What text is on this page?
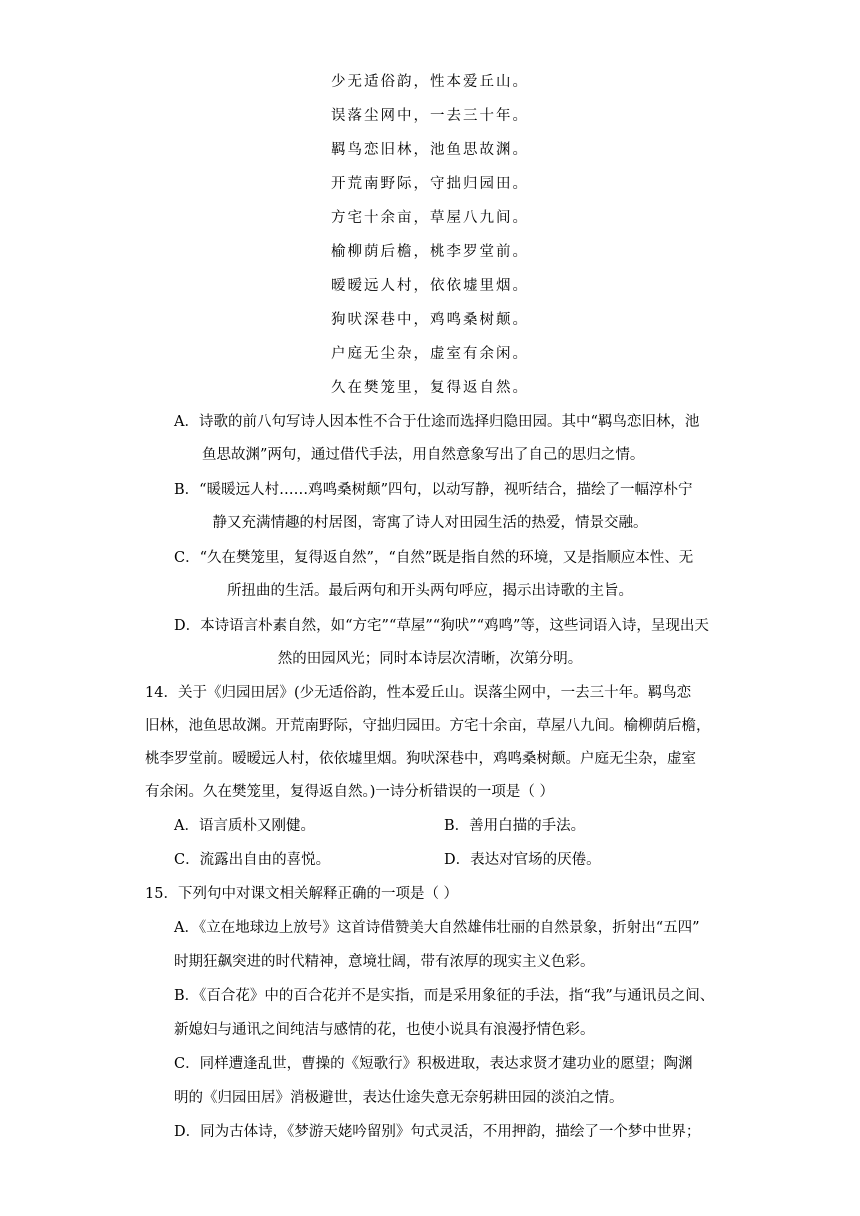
少无适俗韵，性本爱丘山。
误落尘网中，一去三十年。
羁鸟恋旧林，池鱼思故渊。
开荒南野际，守拙归园田。
方宅十余亩，草屋八九间。
榆柳荫后檐，桃李罗堂前。
暧暧远人村，依依墟里烟。
狗吠深巷中，鸡鸣桑树颠。
户庭无尘杂，虚室有余闲。
久在樊笼里，复得返自然。
A．诗歌的前八句写诗人因本性不合于仕途而选择归隐田园。其中“羁鸟恋旧林，池
鱼思故渊”两句，通过借代手法，用自然意象写出了自己的思归之情。
B．“暖暖远人村……鸡鸣桑树颠”四句，以动写静，视听结合，描绘了一幅淳朴宁
静又充满情趣的村居图，寄寓了诗人对田园生活的热爱，情景交融。
C．“久在樊笼里，复得返自然”，“自然”既是指自然的环境，又是指顺应本性、无
所扭曲的生活。最后两句和开头两句呼应，揭示出诗歌的主旨。
D．本诗语言朴素自然，如“方宅”“草屋”“狗吠”“鸡鸣”等，这些词语入诗，呈现出天
然的田园风光；同时本诗层次清晰，次第分明。
14．关于《归园田居》(少无适俗韵，性本爱丘山。误落尘网中，一去三十年。羁鸟恋
旧林，池鱼思故渊。开荒南野际，守拙归园田。方宅十余亩，草屋八九间。榆柳荫后檐，
桃李罗堂前。暧暧远人村，依依墟里烟。狗吠深巷中，鸡鸣桑树颠。户庭无尘杂，虚室
有余闲。久在樊笼里，复得返自然。)一诗分析错误的一项是（ ）
A．语言质朴又刚健。	B．善用白描的手法。
C．流露出自由的喜悦。	D．表达对官场的厌倦。
15．下列句中对课文相关解释正确的一项是（ ）
A．《立在地球边上放号》这首诗借赞美大自然雄伟壮丽的自然景象，折射出“五四”
时期狂飙突进的时代精神，意境壮阔，带有浓厚的现实主义色彩。
B．《百合花》中的百合花并不是实指，而是采用象征的手法，指“我”与通讯员之间、
新媳妇与通讯之间纯洁与感情的花，也使小说具有浪漫抒情色彩。
C．同样遭逢乱世，曹操的《短歌行》积极进取，表达求贤才建功业的愿望；陶渊
明的《归园田居》消极避世，表达仕途失意无奈躬耕田园的淡泊之情。
D．同为古体诗，《梦游天姥吟留别》句式灵活，不用押韵，描绘了一个梦中世界；
